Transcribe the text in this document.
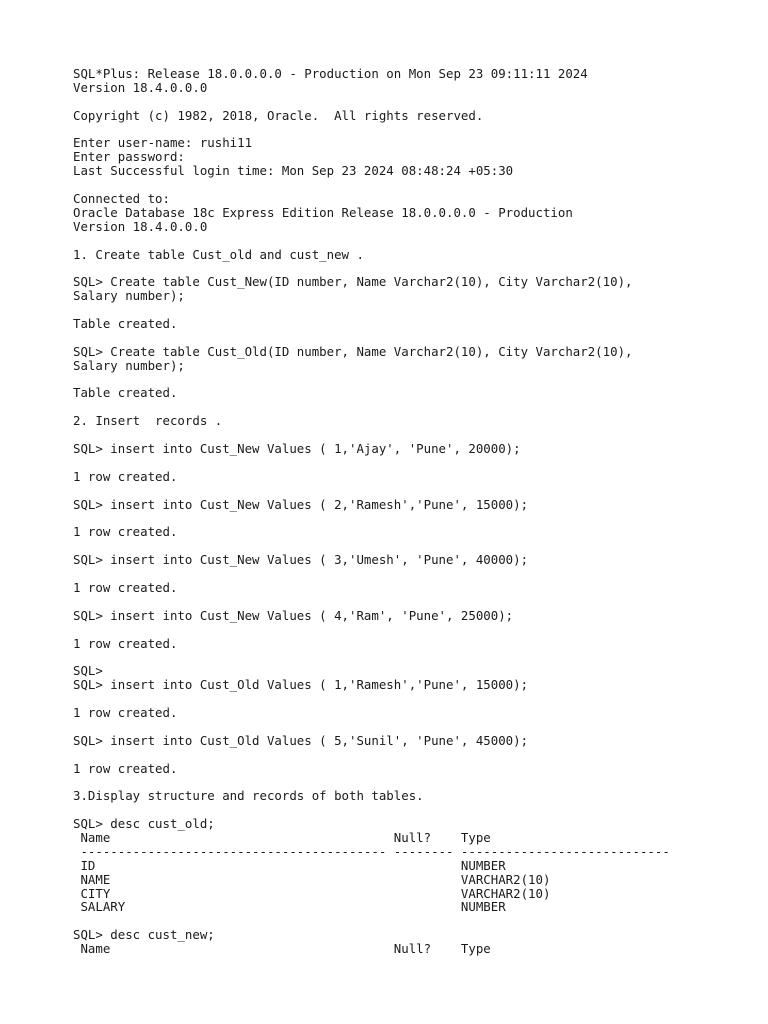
SQL*Plus: Release 18.0.0.0.0 - Production on Mon Sep 23 09:11:11 2024
Version 18.4.0.0.0
Copyright (c) 1982, 2018, Oracle.  All rights reserved.
Enter user-name: rushi11
Enter password:
Last Successful login time: Mon Sep 23 2024 08:48:24 +05:30
Connected to:
Oracle Database 18c Express Edition Release 18.0.0.0.0 - Production
Version 18.4.0.0.0
1. Create table Cust_old and cust_new .
SQL> Create table Cust_New(ID number, Name Varchar2(10), City Varchar2(10),
Salary number);
Table created.
SQL> Create table Cust_Old(ID number, Name Varchar2(10), City Varchar2(10),
Salary number);
Table created.
2. Insert  records .
SQL> insert into Cust_New Values ( 1,'Ajay', 'Pune', 20000);
1 row created.
SQL> insert into Cust_New Values ( 2,'Ramesh','Pune', 15000);
1 row created.
SQL> insert into Cust_New Values ( 3,'Umesh', 'Pune', 40000);
1 row created.
SQL> insert into Cust_New Values ( 4,'Ram', 'Pune', 25000);
1 row created.
SQL>
SQL> insert into Cust_Old Values ( 1,'Ramesh','Pune', 15000);
1 row created.
SQL> insert into Cust_Old Values ( 5,'Sunil', 'Pune', 45000);
1 row created.
3.Display structure and records of both tables.
SQL> desc cust_old;
Name                                      Null?    Type
----------------------------------------- -------- ----------------------------
ID                                                 NUMBER
NAME                                               VARCHAR2(10)
CITY                                               VARCHAR2(10)
SALARY                                             NUMBER
SQL> desc cust_new;
Name                                      Null?    Type
